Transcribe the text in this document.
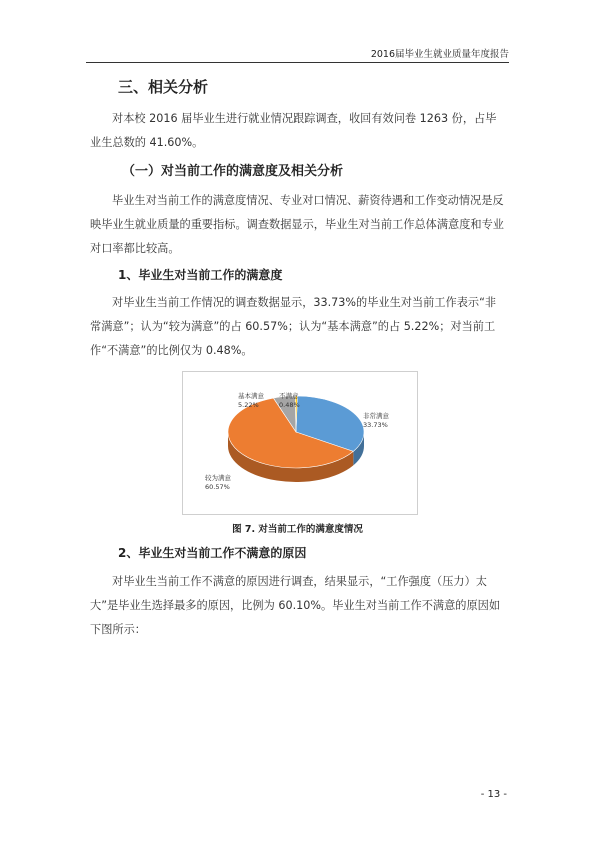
2016届毕业生就业质量年度报告
三、相关分析

对本校 2016 届毕业生进行就业情况跟踪调查，收回有效问卷 1263 份，占毕业生总数的 41.60%。

（一）对当前工作的满意度及相关分析

毕业生对当前工作的满意度情况、专业对口情况、薪资待遇和工作变动情况是反映毕业生就业质量的重要指标。调查数据显示，毕业生对当前工作总体满意度和专业对口率都比较高。

1、毕业生对当前工作的满意度

对毕业生当前工作情况的调查数据显示，33.73%的毕业生对当前工作表示“非常满意”；认为“较为满意”的占 60.57%；认为“基本满意”的占 5.22%；对当前工作“不满意”的比例仅为 0.48%。

非常满意
33.73%
较为满意
60.57%
基本满意
5.22%
不满意
0.48%
图 7. 对当前工作的满意度情况
2、毕业生对当前工作不满意的原因

对毕业生当前工作不满意的原因进行调查，结果显示，“工作强度（压力）太大”是毕业生选择最多的原因，比例为 60.10%。毕业生对当前工作不满意的原因如下图所示：

- 13 -
